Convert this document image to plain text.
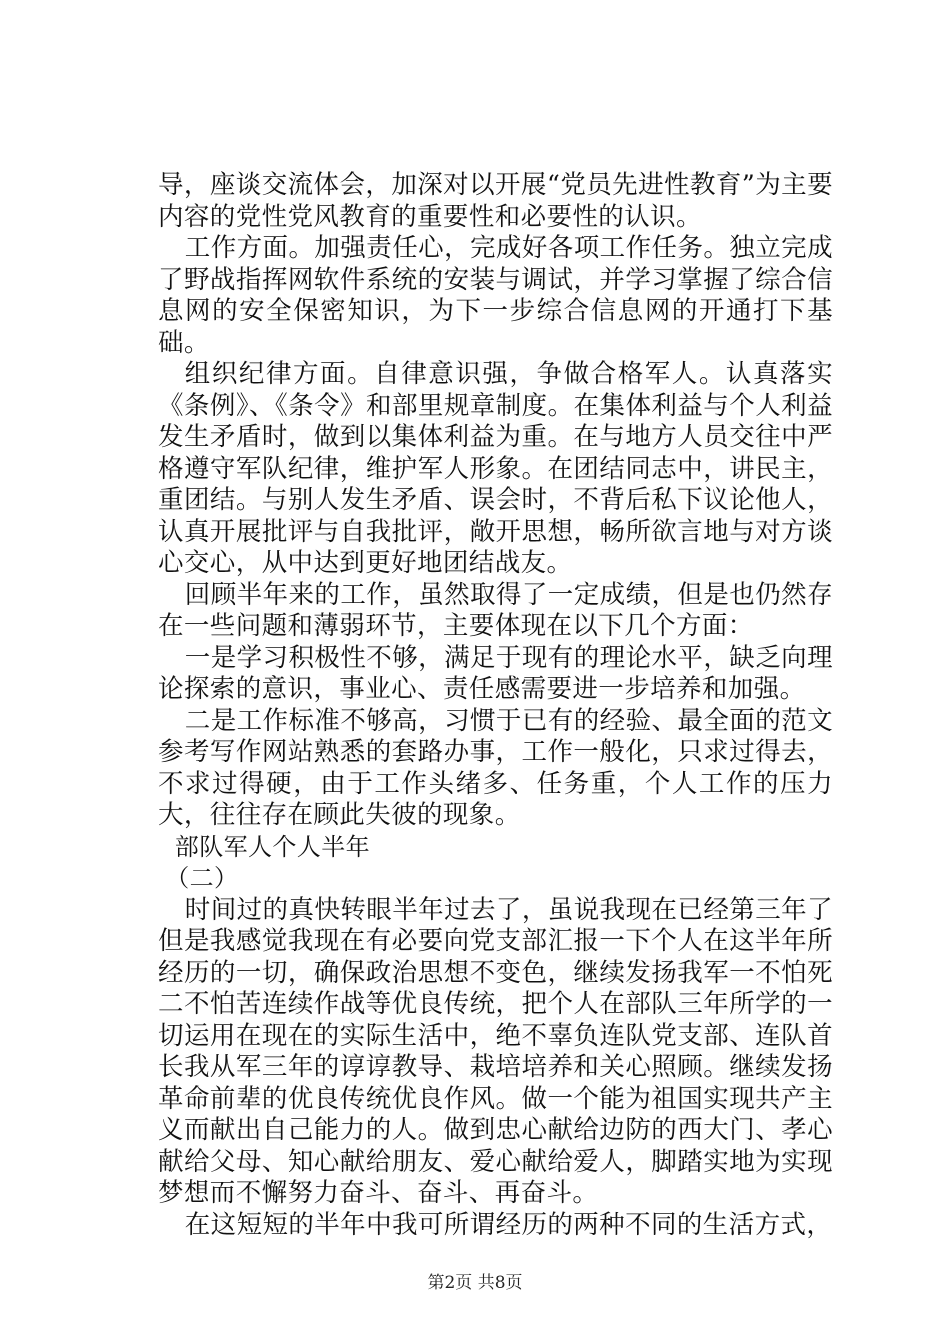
导，座谈交流体会，加深对以开展“党员先进性教育”为主要内容的党性党风教育的重要性和必要性的认识。

工作方面。加强责任心，完成好各项工作任务。独立完成了野战指挥网软件系统的安装与调试，并学习掌握了综合信息网的安全保密知识，为下一步综合信息网的开通打下基础。

组织纪律方面。自律意识强，争做合格军人。认真落实《条例》、《条令》和部里规章制度。在集体利益与个人利益发生矛盾时，做到以集体利益为重。在与地方人员交往中严格遵守军队纪律，维护军人形象。在团结同志中，讲民主，重团结。与别人发生矛盾、误会时，不背后私下议论他人，认真开展批评与自我批评，敞开思想，畅所欲言地与对方谈心交心，从中达到更好地团结战友。

回顾半年来的工作，虽然取得了一定成绩，但是也仍然存在一些问题和薄弱环节，主要体现在以下几个方面：

一是学习积极性不够，满足于现有的理论水平，缺乏向理论探索的意识，事业心、责任感需要进一步培养和加强。

二是工作标准不够高，习惯于已有的经验、最全面的范文参考写作网站熟悉的套路办事，工作一般化，只求过得去，不求过得硬，由于工作头绪多、任务重，个人工作的压力大，往往存在顾此失彼的现象。

部队军人个人半年

（二）

时间过的真快转眼半年过去了，虽说我现在已经第三年了但是我感觉我现在有必要向党支部汇报一下个人在这半年所经历的一切，确保政治思想不变色，继续发扬我军一不怕死二不怕苦连续作战等优良传统，把个人在部队三年所学的一切运用在现在的实际生活中，绝不辜负连队党支部、连队首长我从军三年的谆谆教导、栽培培养和关心照顾。继续发扬革命前辈的优良传统优良作风。做一个能为祖国实现共产主义而献出自己能力的人。做到忠心献给边防的西大门、孝心献给父母、知心献给朋友、爱心献给爱人，脚踏实地为实现梦想而不懈努力奋斗、奋斗、再奋斗。

在这短短的半年中我可所谓经历的两种不同的生活方式，

第2页 共8页
